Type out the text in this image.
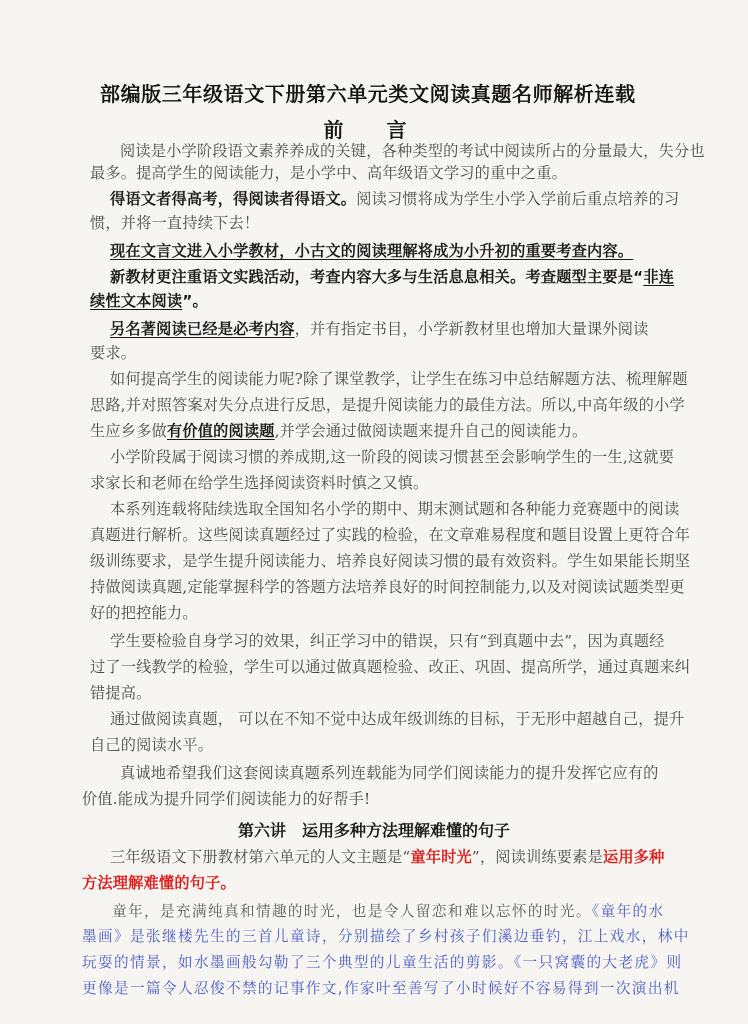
部编版三年级语文下册第六单元类文阅读真题名师解析连载
前 言
阅读是小学阶段语文素养养成的关键，各种类型的考试中阅读所占的分量最大，失分也
最多。提高学生的阅读能力，是小学中、高年级语文学习的重中之重。
得语文者得高考，得阅读者得语文。阅读习惯将成为学生小学入学前后重点培养的习
惯，并将一直持续下去！
现在文言文进入小学教材，小古文的阅读理解将成为小升初的重要考查内容。
新教材更注重语文实践活动，考查内容大多与生活息息相关。考查题型主要是“非连
续性文本阅读”。
另名著阅读已经是必考内容，并有指定书目，小学新教材里也增加大量课外阅读
要求。
如何提高学生的阅读能力呢?除了课堂教学，让学生在练习中总结解题方法、梳理解题
思路,并对照答案对失分点进行反思，是提升阅读能力的最佳方法。所以,中高年级的小学
生应乡多做有价值的阅读题,并学会通过做阅读题来提升自己的阅读能力。
小学阶段属于阅读习惯的养成期,这一阶段的阅读习惯甚至会影响学生的一生,这就要
求家长和老师在给学生选择阅读资料时慎之又慎。
本系列连载将陆续选取全国知名小学的期中、期末测试题和各种能力竞赛题中的阅读
真题进行解析。这些阅读真题经过了实践的检验，在文章难易程度和题目设置上更符合年
级训练要求，是学生提升阅读能力、培养良好阅读习惯的最有效资料。学生如果能长期坚
持做阅读真题,定能掌握科学的答题方法培养良好的时间控制能力,以及对阅读试题类型更
好的把控能力。
学生要检验自身学习的效果，纠正学习中的错误，只有“到真题中去”，因为真题经
过了一线教学的检验，学生可以通过做真题检验、改正、巩固、提高所学，通过真题来纠
错提高。
通过做阅读真题， 可以在不知不觉中达成年级训练的目标，于无形中超越自己，提升
自己的阅读水平。
真诚地希望我们这套阅读真题系列连载能为同学们阅读能力的提升发挥它应有的
价值.能成为提升同学们阅读能力的好帮手!
第六讲　运用多种方法理解难懂的句子
三年级语文下册教材第六单元的人文主题是“童年时光”，阅读训练要素是运用多种
方法理解难懂的句子。
童年，是充满纯真和情趣的时光，也是令人留恋和难以忘怀的时光。《童年的水
墨画》是张继楼先生的三首儿童诗，分别描绘了乡村孩子们溪边垂钓，江上戏水，林中
玩耍的情景，如水墨画般勾勒了三个典型的儿童生活的剪影。《一只窝囊的大老虎》则
更像是一篇令人忍俊不禁的记事作文,作家叶至善写了小时候好不容易得到一次演出机
